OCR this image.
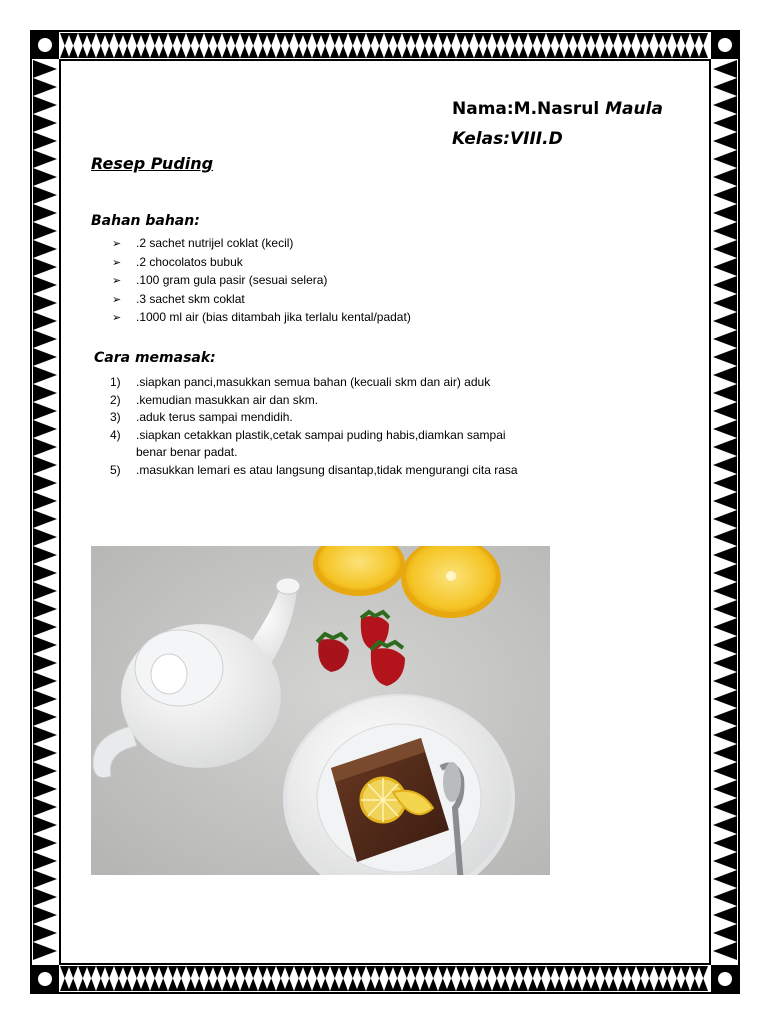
Nama:M.Nasrul Maula
Kelas:VIII.D
Resep Puding
Bahan bahan:
➢	.2 sachet nutrijel coklat (kecil)
➢	.2 chocolatos bubuk
➢	.100 gram gula pasir (sesuai selera)
➢	.3 sachet skm coklat
➢	.1000 ml air (bias ditambah jika terlalu kental/padat)
Cara memasak:
1)	.siapkan panci,masukkan semua bahan (kecuali skm dan air) aduk
2)	.kemudian masukkan air dan skm.
3)	.aduk terus sampai mendidih.
4)	.siapkan cetakkan plastik,cetak sampai puding habis,diamkan sampai benar benar padat.
5)	.masukkan lemari es atau langsung disantap,tidak mengurangi cita rasa
